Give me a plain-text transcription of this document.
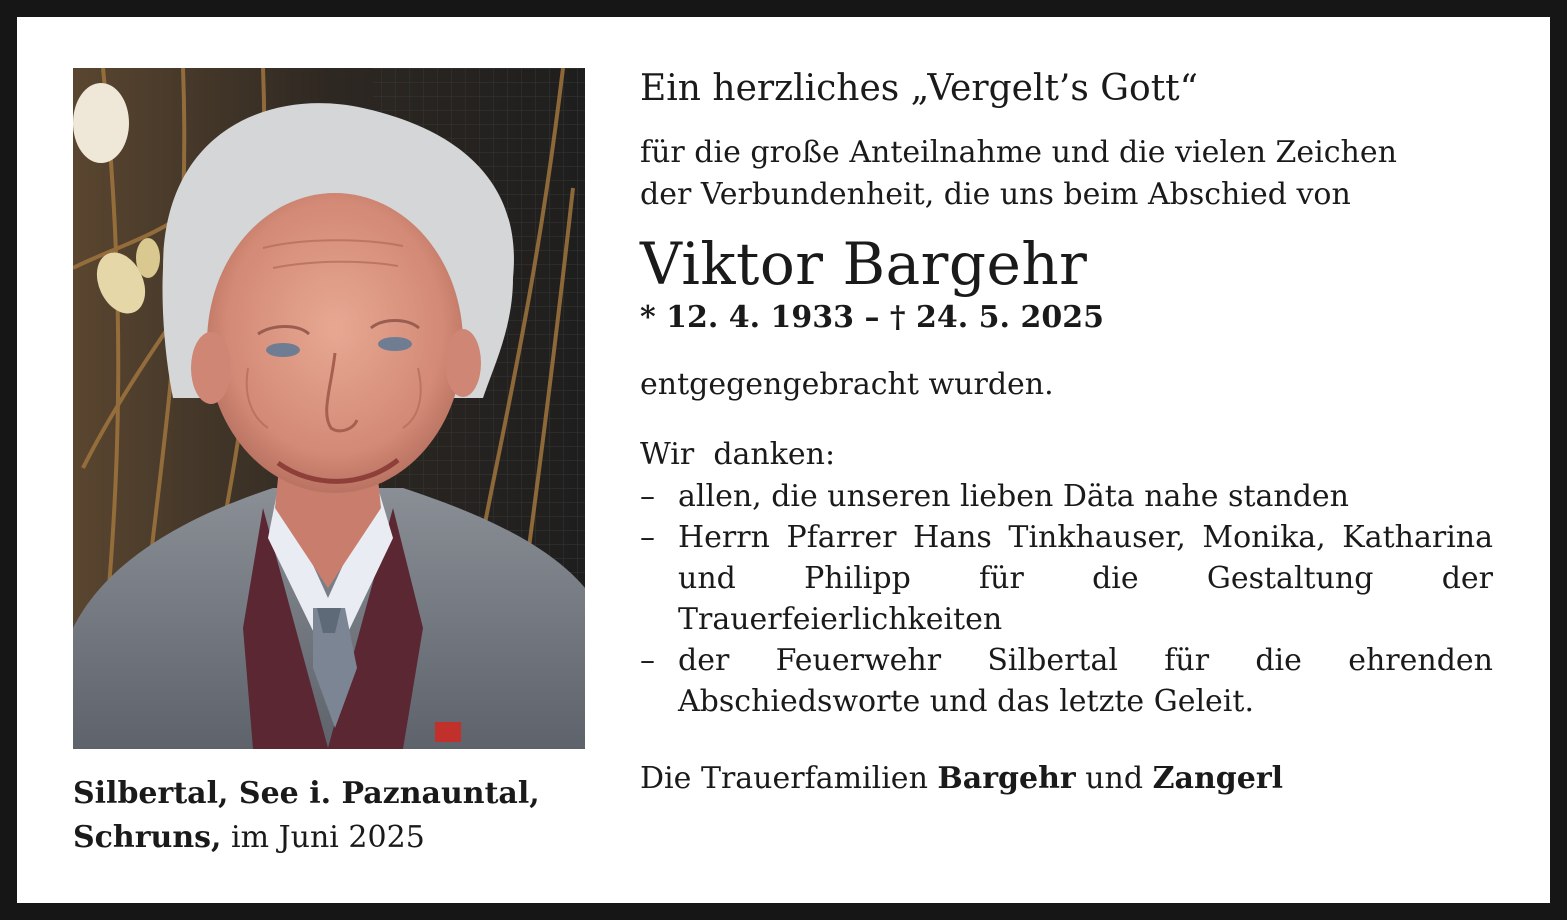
Silbertal, See i. Paznauntal,
Schruns, im Juni 2025
Ein herzliches „Vergelt’s Gott“

für die große Anteilnahme und die vielen Zeichen
der Verbundenheit, die uns beim Abschied von

Viktor Bargehr
* 12. 4. 1933 – † 24. 5. 2025

entgegengebracht wurden.

Wir  danken:

– allen, die unseren lieben Däta nahe standen
– Herrn Pfarrer Hans Tinkhauser, Monika, Katharina und Philipp für die Gestaltung der Trauerfeierlichkeiten
– der Feuerwehr Silbertal für die ehrenden Abschiedsworte und das letzte Geleit.

Die Trauerfamilien Bargehr und Zangerl
